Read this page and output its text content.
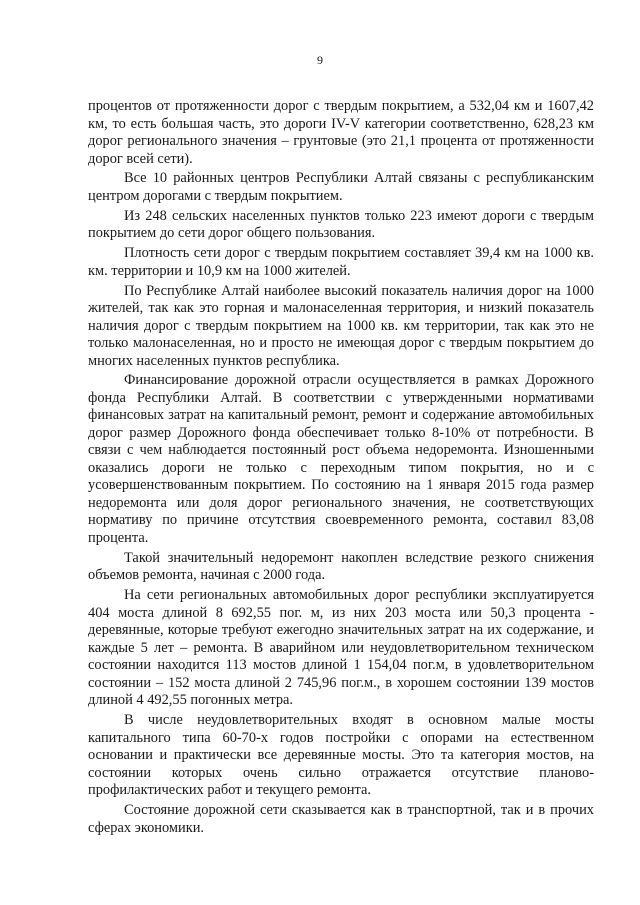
9

процентов от протяженности дорог с твердым покрытием, а 532,04 км и 1607,42 км, то есть большая часть, это дороги IV-V категории соответственно, 628,23 км дорог регионального значения – грунтовые (это 21,1 процента от протяженности дорог всей сети).

Все 10 районных центров Республики Алтай связаны с республиканским центром дорогами с твердым покрытием.

Из 248 сельских населенных пунктов только 223 имеют дороги с твердым покрытием до сети дорог общего пользования.

Плотность сети дорог с твердым покрытием составляет 39,4 км на 1000 кв. км. территории и 10,9 км на 1000 жителей.

По Республике Алтай наиболее высокий показатель наличия дорог на 1000 жителей, так как это горная и малонаселенная территория, и низкий показатель наличия дорог с твердым покрытием на 1000 кв. км территории, так как это не только малонаселенная, но и просто не имеющая дорог с твердым покрытием до многих населенных пунктов республика.

Финансирование дорожной отрасли осуществляется в рамках Дорожного фонда Республики Алтай. В соответствии с утвержденными нормативами финансовых затрат на капитальный ремонт, ремонт и содержание автомобильных дорог размер Дорожного фонда обеспечивает только 8-10% от потребности. В связи с чем наблюдается постоянный рост объема недоремонта. Изношенными оказались дороги не только с переходным типом покрытия, но и с усовершенствованным покрытием. По состоянию на 1 января 2015 года размер недоремонта или доля дорог регионального значения, не соответствующих нормативу по причине отсутствия своевременного ремонта, составил 83,08 процента.

Такой значительный недоремонт накоплен вследствие резкого снижения объемов ремонта, начиная с 2000 года.

На сети региональных автомобильных дорог республики эксплуатируется 404 моста длиной 8 692,55 пог. м, из них 203 моста или 50,3 процента - деревянные, которые требуют ежегодно значительных затрат на их содержание, и каждые 5 лет – ремонта. В аварийном или неудовлетворительном техническом состоянии находится 113 мостов длиной 1 154,04 пог.м, в удовлетворительном состоянии – 152 моста длиной 2 745,96 пог.м., в хорошем состоянии 139 мостов длиной 4 492,55 погонных метра.

В числе неудовлетворительных входят в основном малые мосты капитального типа 60-70-х годов постройки с опорами на естественном основании и практически все деревянные мосты. Это та категория мостов, на состоянии которых очень сильно отражается отсутствие планово-профилактических работ и текущего ремонта.

Состояние дорожной сети сказывается как в транспортной, так и в прочих сферах экономики.
